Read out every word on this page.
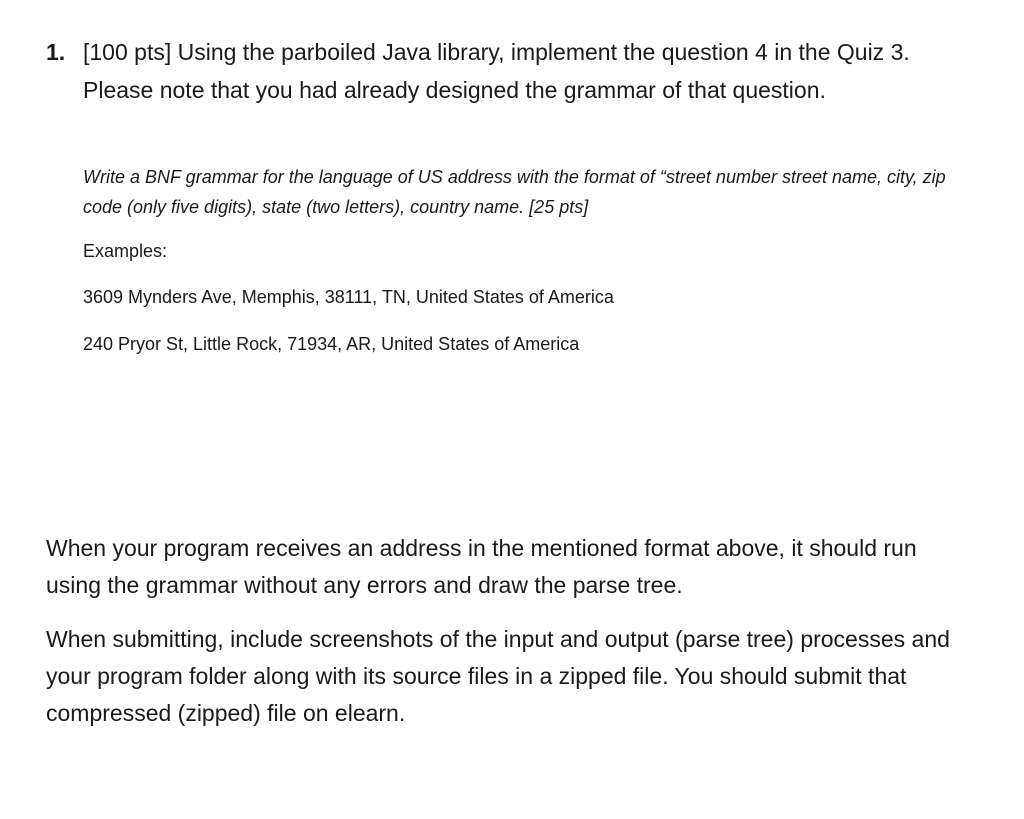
1. [100 pts] Using the parboiled Java library, implement the question 4 in the Quiz 3. Please note that you had already designed the grammar of that question.

Write a BNF grammar for the language of US address with the format of “street number street name, city, zip code (only five digits), state (two letters), country name. [25 pts]

Examples:
3609 Mynders Ave, Memphis, 38111, TN, United States of America
240 Pryor St, Little Rock, 71934, AR, United States of America

When your program receives an address in the mentioned format above, it should run using the grammar without any errors and draw the parse tree.

When submitting, include screenshots of the input and output (parse tree) processes and your program folder along with its source files in a zipped file. You should submit that compressed (zipped) file on elearn.
